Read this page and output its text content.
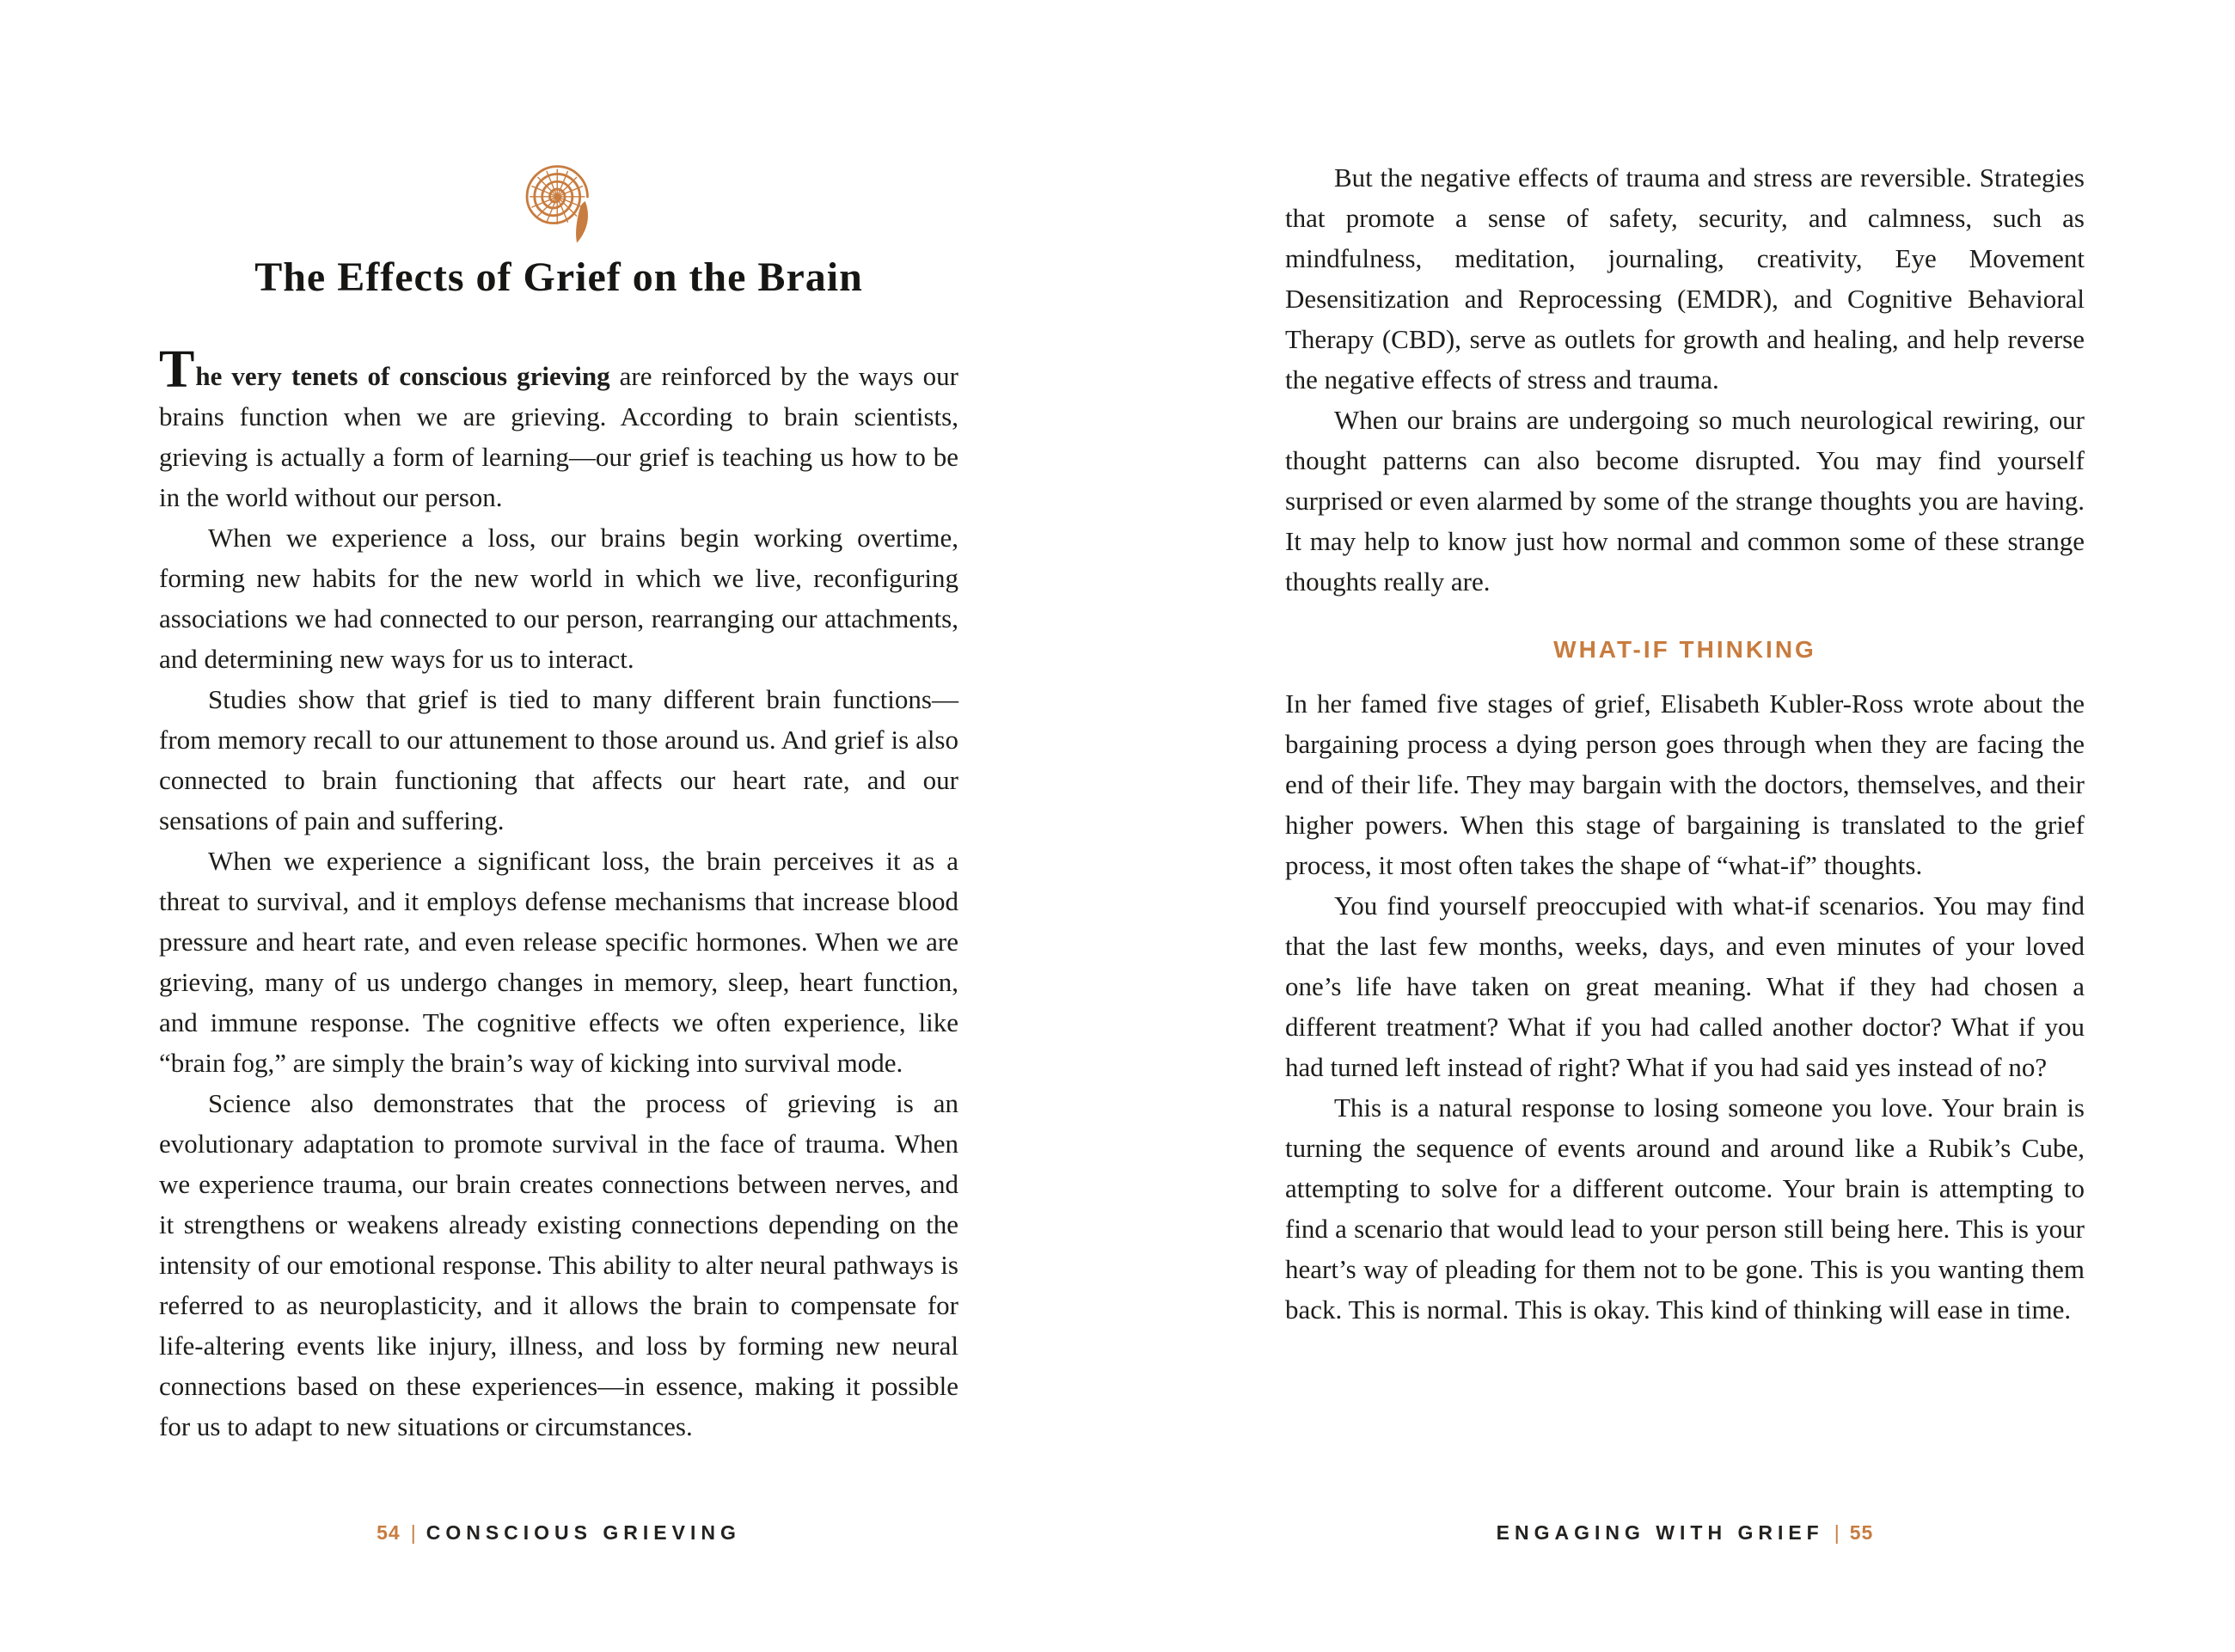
The Effects of Grief on the Brain

The very tenets of conscious grieving are reinforced by the ways our brains function when we are grieving. According to brain scientists, grieving is actually a form of learning—our grief is teaching us how to be in the world without our person.

When we experience a loss, our brains begin working overtime, forming new habits for the new world in which we live, reconfiguring associations we had connected to our person, rearranging our attachments, and determining new ways for us to interact.

Studies show that grief is tied to many different brain functions—from memory recall to our attunement to those around us. And grief is also connected to brain functioning that affects our heart rate, and our sensations of pain and suffering.

When we experience a significant loss, the brain perceives it as a threat to survival, and it employs defense mechanisms that increase blood pressure and heart rate, and even release specific hormones. When we are grieving, many of us undergo changes in memory, sleep, heart function, and immune response. The cognitive effects we often experience, like “brain fog,” are simply the brain’s way of kicking into survival mode.

Science also demonstrates that the process of grieving is an evolutionary adaptation to promote survival in the face of trauma. When we experience trauma, our brain creates connections between nerves, and it strengthens or weakens already existing connections depending on the intensity of our emotional response. This ability to alter neural pathways is referred to as neuroplasticity, and it allows the brain to compensate for life-altering events like injury, illness, and loss by forming new neural connections based on these experiences—in essence, making it possible for us to adapt to new situations or circumstances.

54 | CONSCIOUS GRIEVING

But the negative effects of trauma and stress are reversible. Strategies that promote a sense of safety, security, and calmness, such as mindfulness, meditation, journaling, creativity, Eye Movement Desensitization and Reprocessing (EMDR), and Cognitive Behavioral Therapy (CBD), serve as outlets for growth and healing, and help reverse the negative effects of stress and trauma.

When our brains are undergoing so much neurological rewiring, our thought patterns can also become disrupted. You may find yourself surprised or even alarmed by some of the strange thoughts you are having. It may help to know just how normal and common some of these strange thoughts really are.

WHAT-IF THINKING

In her famed five stages of grief, Elisabeth Kubler-Ross wrote about the bargaining process a dying person goes through when they are facing the end of their life. They may bargain with the doctors, themselves, and their higher powers. When this stage of bargaining is translated to the grief process, it most often takes the shape of “what-if” thoughts.

You find yourself preoccupied with what-if scenarios. You may find that the last few months, weeks, days, and even minutes of your loved one’s life have taken on great meaning. What if they had chosen a different treatment? What if you had called another doctor? What if you had turned left instead of right? What if you had said yes instead of no?

This is a natural response to losing someone you love. Your brain is turning the sequence of events around and around like a Rubik’s Cube, attempting to solve for a different outcome. Your brain is attempting to find a scenario that would lead to your person still being here. This is your heart’s way of pleading for them not to be gone. This is you wanting them back. This is normal. This is okay. This kind of thinking will ease in time.

ENGAGING WITH GRIEF | 55
